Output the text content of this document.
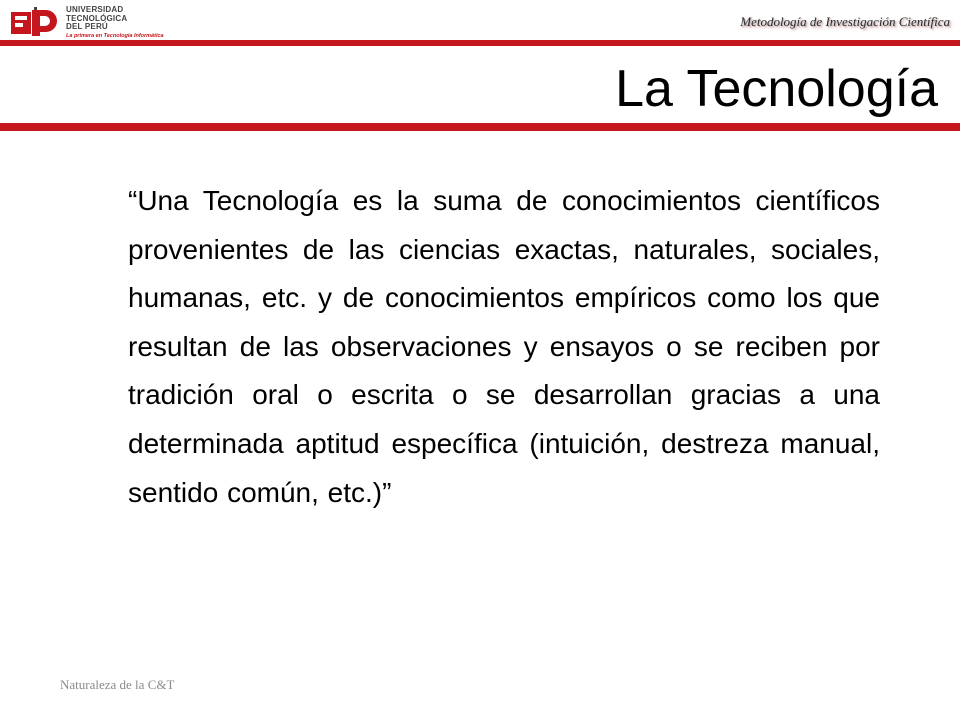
UNIVERSIDAD
TECNOLÓGICA
DEL PERÚ
La primera en Tecnología Informática
Metodología de Investigación Científica
La Tecnología
“Una Tecnología es la suma de conocimientos científicos provenientes de las ciencias exactas, naturales, sociales, humanas, etc. y de conocimientos empíricos como los que resultan de las observaciones y ensayos o se reciben por tradición oral o escrita o se desarrollan gracias a una determinada aptitud específica (intuición, destreza manual, sentido común, etc.)”
Naturaleza de la C&T
